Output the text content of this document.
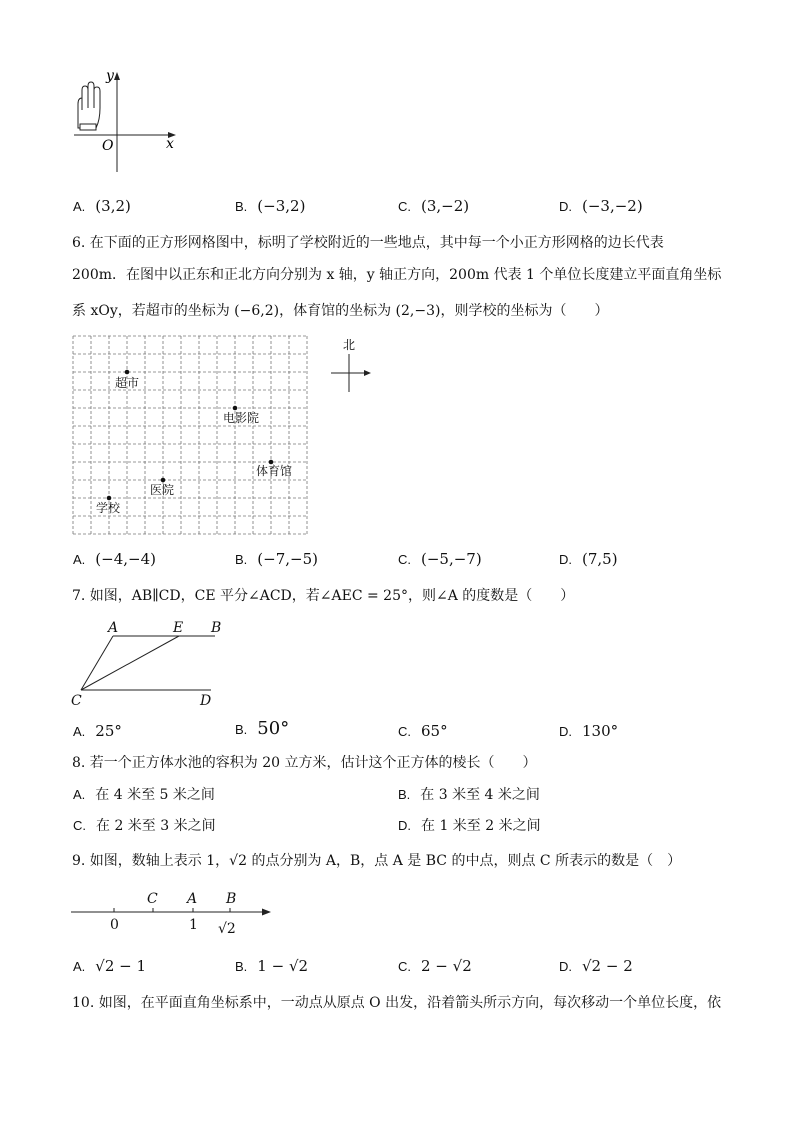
y
x
O
A. (3,2)	B. (−3,2)	C. (3,−2)	D. (−3,−2)
6. 在下面的正方形网格图中，标明了学校附近的一些地点，其中每一个小正方形网格的边长代表
200m．在图中以正东和正北方向分别为 x 轴，y 轴正方向，200m 代表 1 个单位长度建立平面直角坐标
系 xOy，若超市的坐标为 (−6,2)，体育馆的坐标为 (2,−3)，则学校的坐标为（　　）
超市
电影院
体育馆
医院
学校
北
A. (−4,−4)	B. (−7,−5)	C. (−5,−7)	D. (7,5)
7. 如图，AB∥CD，CE 平分∠ACD，若∠AEC = 25°，则∠A 的度数是（　　）
A	E B
C	D
A. 25°	B. 50°	C. 65°	D. 130°
8. 若一个正方体水池的容积为 20 立方米，估计这个正方体的棱长（　　）
A. 在 4 米至 5 米之间	B. 在 3 米至 4 米之间
C. 在 2 米至 3 米之间	D. 在 1 米至 2 米之间
9. 如图，数轴上表示 1，√2 的点分别为 A，B，点 A 是 BC 的中点，则点 C 所表示的数是（　）
C A B
0	1 √2
A. √2 − 1	B. 1 − √2	C. 2 − √2	D. √2 − 2
10. 如图，在平面直角坐标系中，一动点从原点 O 出发，沿着箭头所示方向，每次移动一个单位长度，依
